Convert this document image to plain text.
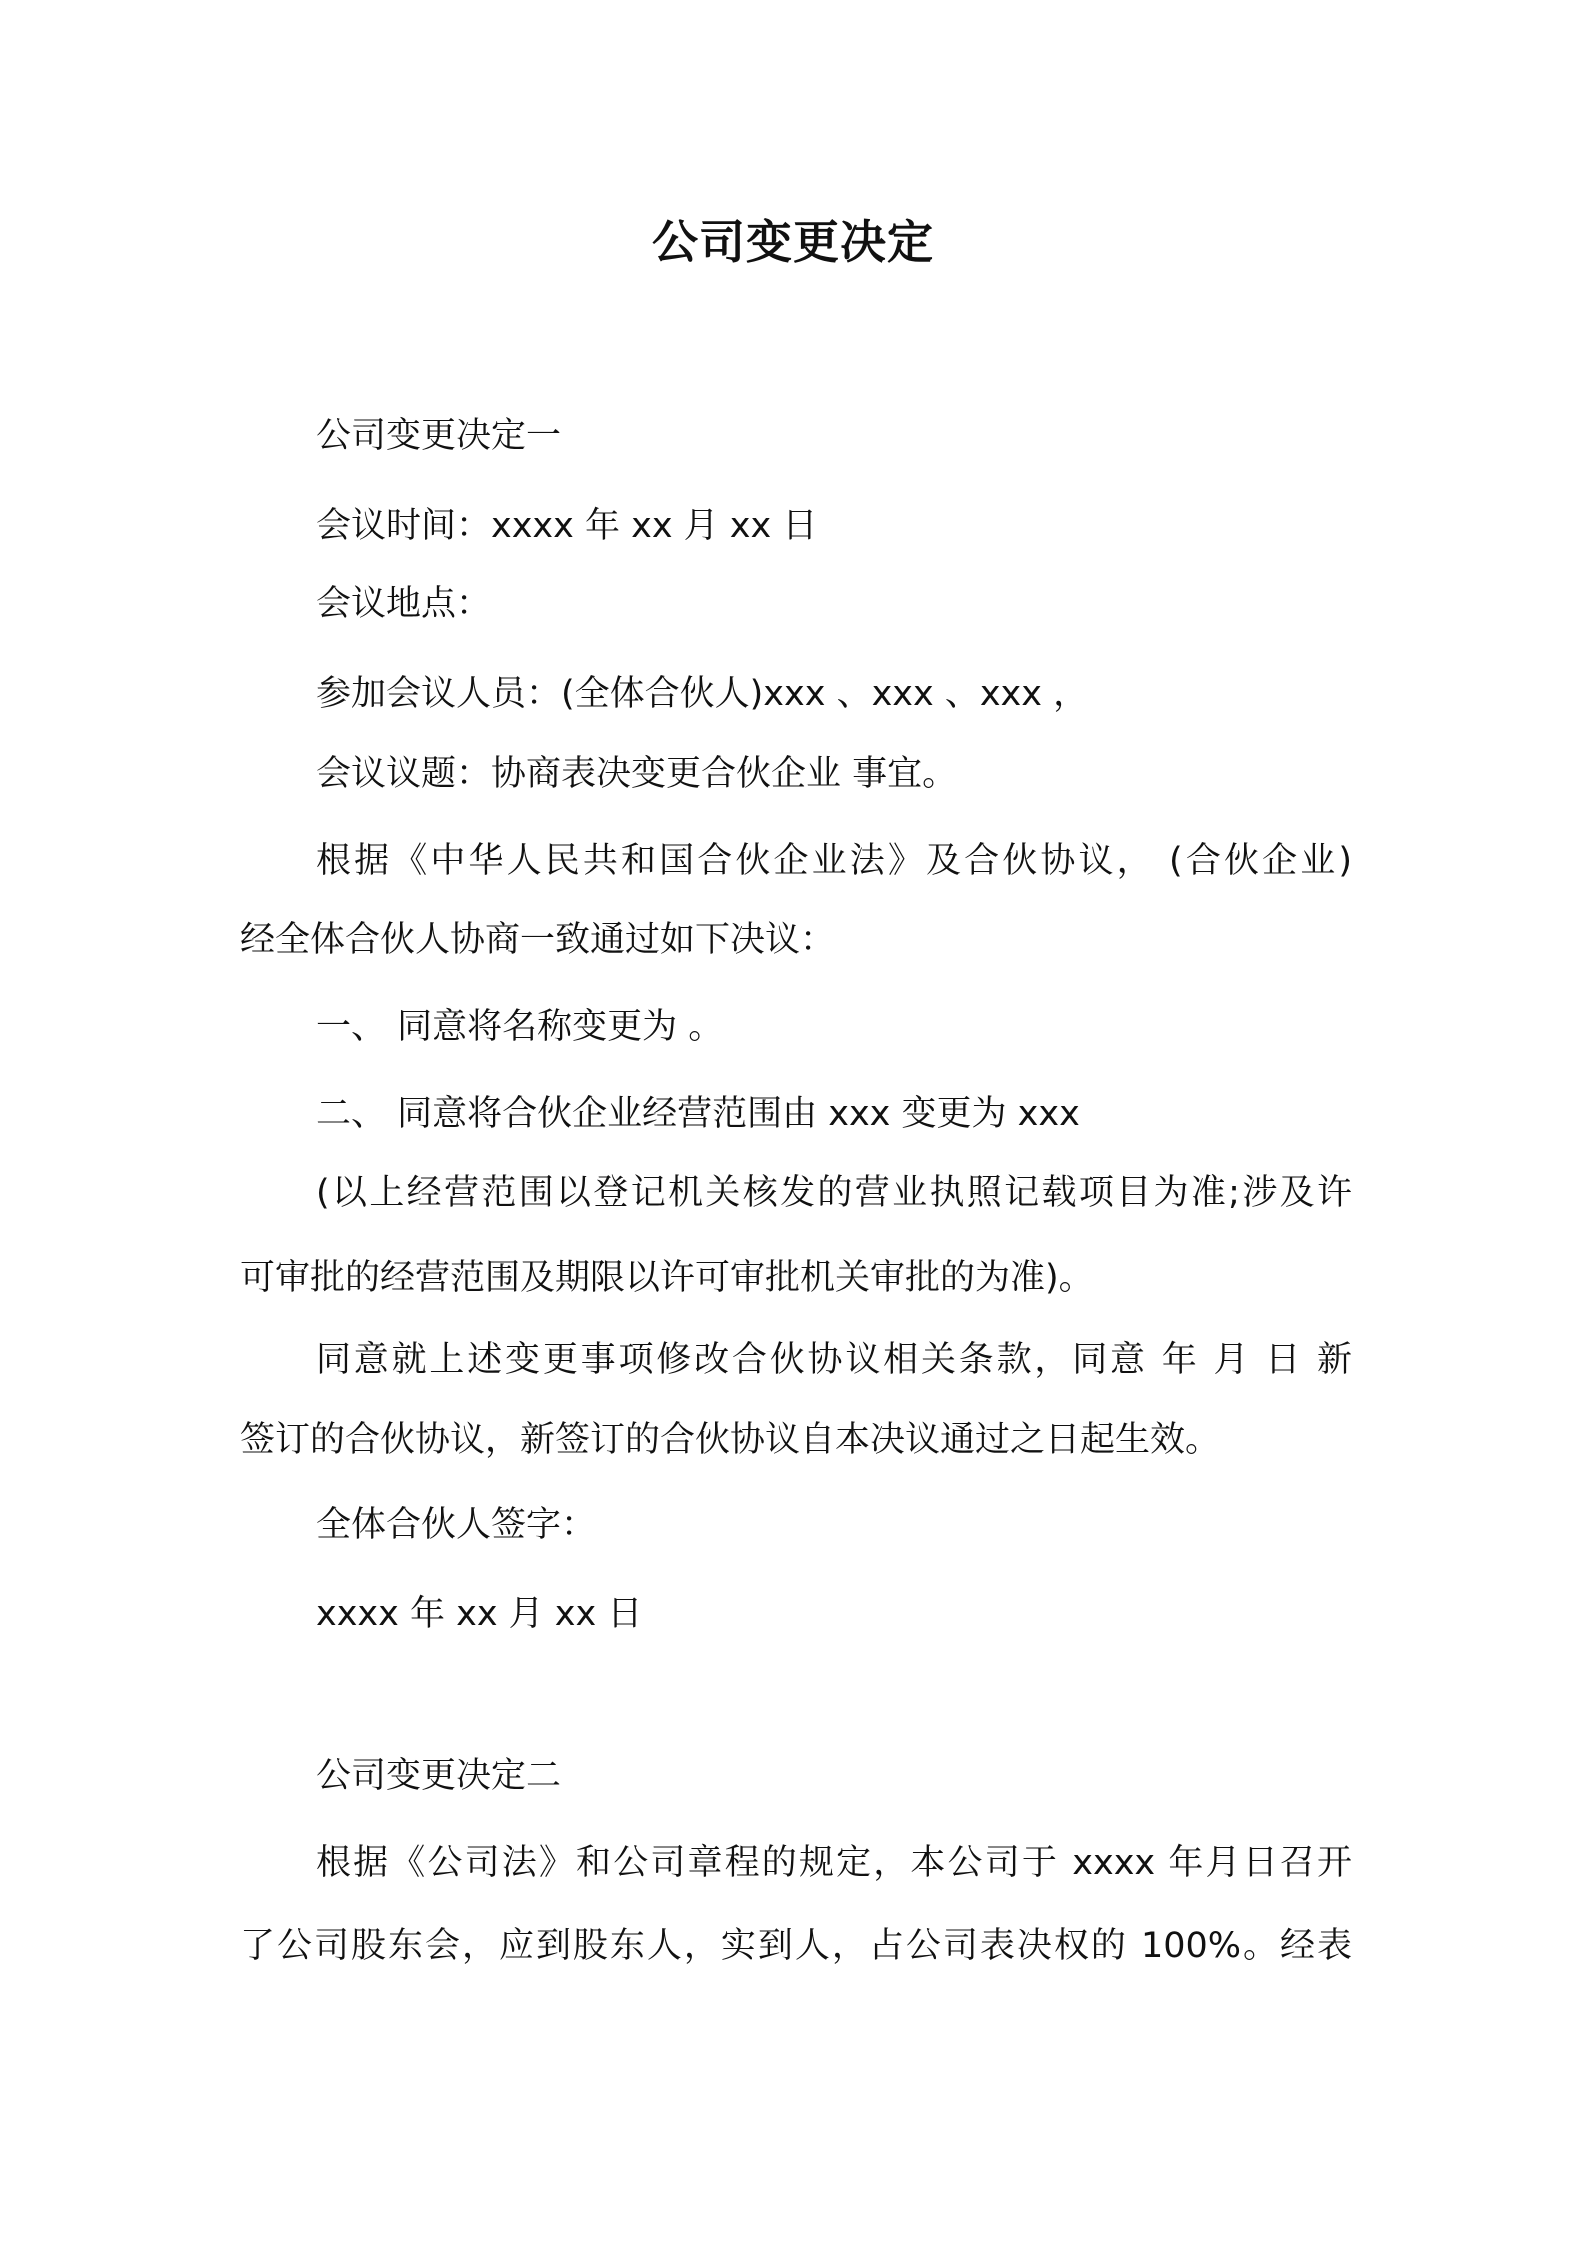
公司变更决定
公司变更决定一
会议时间：xxxx 年 xx 月 xx 日
会议地点：
参加会议人员：(全体合伙人)xxx 、xxx 、xxx ，
会议议题：协商表决变更合伙企业 事宜。
根据《中华人民共和国合伙企业法》及合伙协议， (合伙企业)
经全体合伙人协商一致通过如下决议：
一、 同意将名称变更为 。
二、 同意将合伙企业经营范围由 xxx 变更为 xxx
(以上经营范围以登记机关核发的营业执照记载项目为准;涉及许
可审批的经营范围及期限以许可审批机关审批的为准)。
同意就上述变更事项修改合伙协议相关条款，同意 年 月 日 新
签订的合伙协议，新签订的合伙协议自本决议通过之日起生效。
全体合伙人签字：
xxxx 年 xx 月 xx 日
公司变更决定二
根据《公司法》和公司章程的规定，本公司于 xxxx 年月日召开
了公司股东会，应到股东人，实到人，占公司表决权的 100%。经表
